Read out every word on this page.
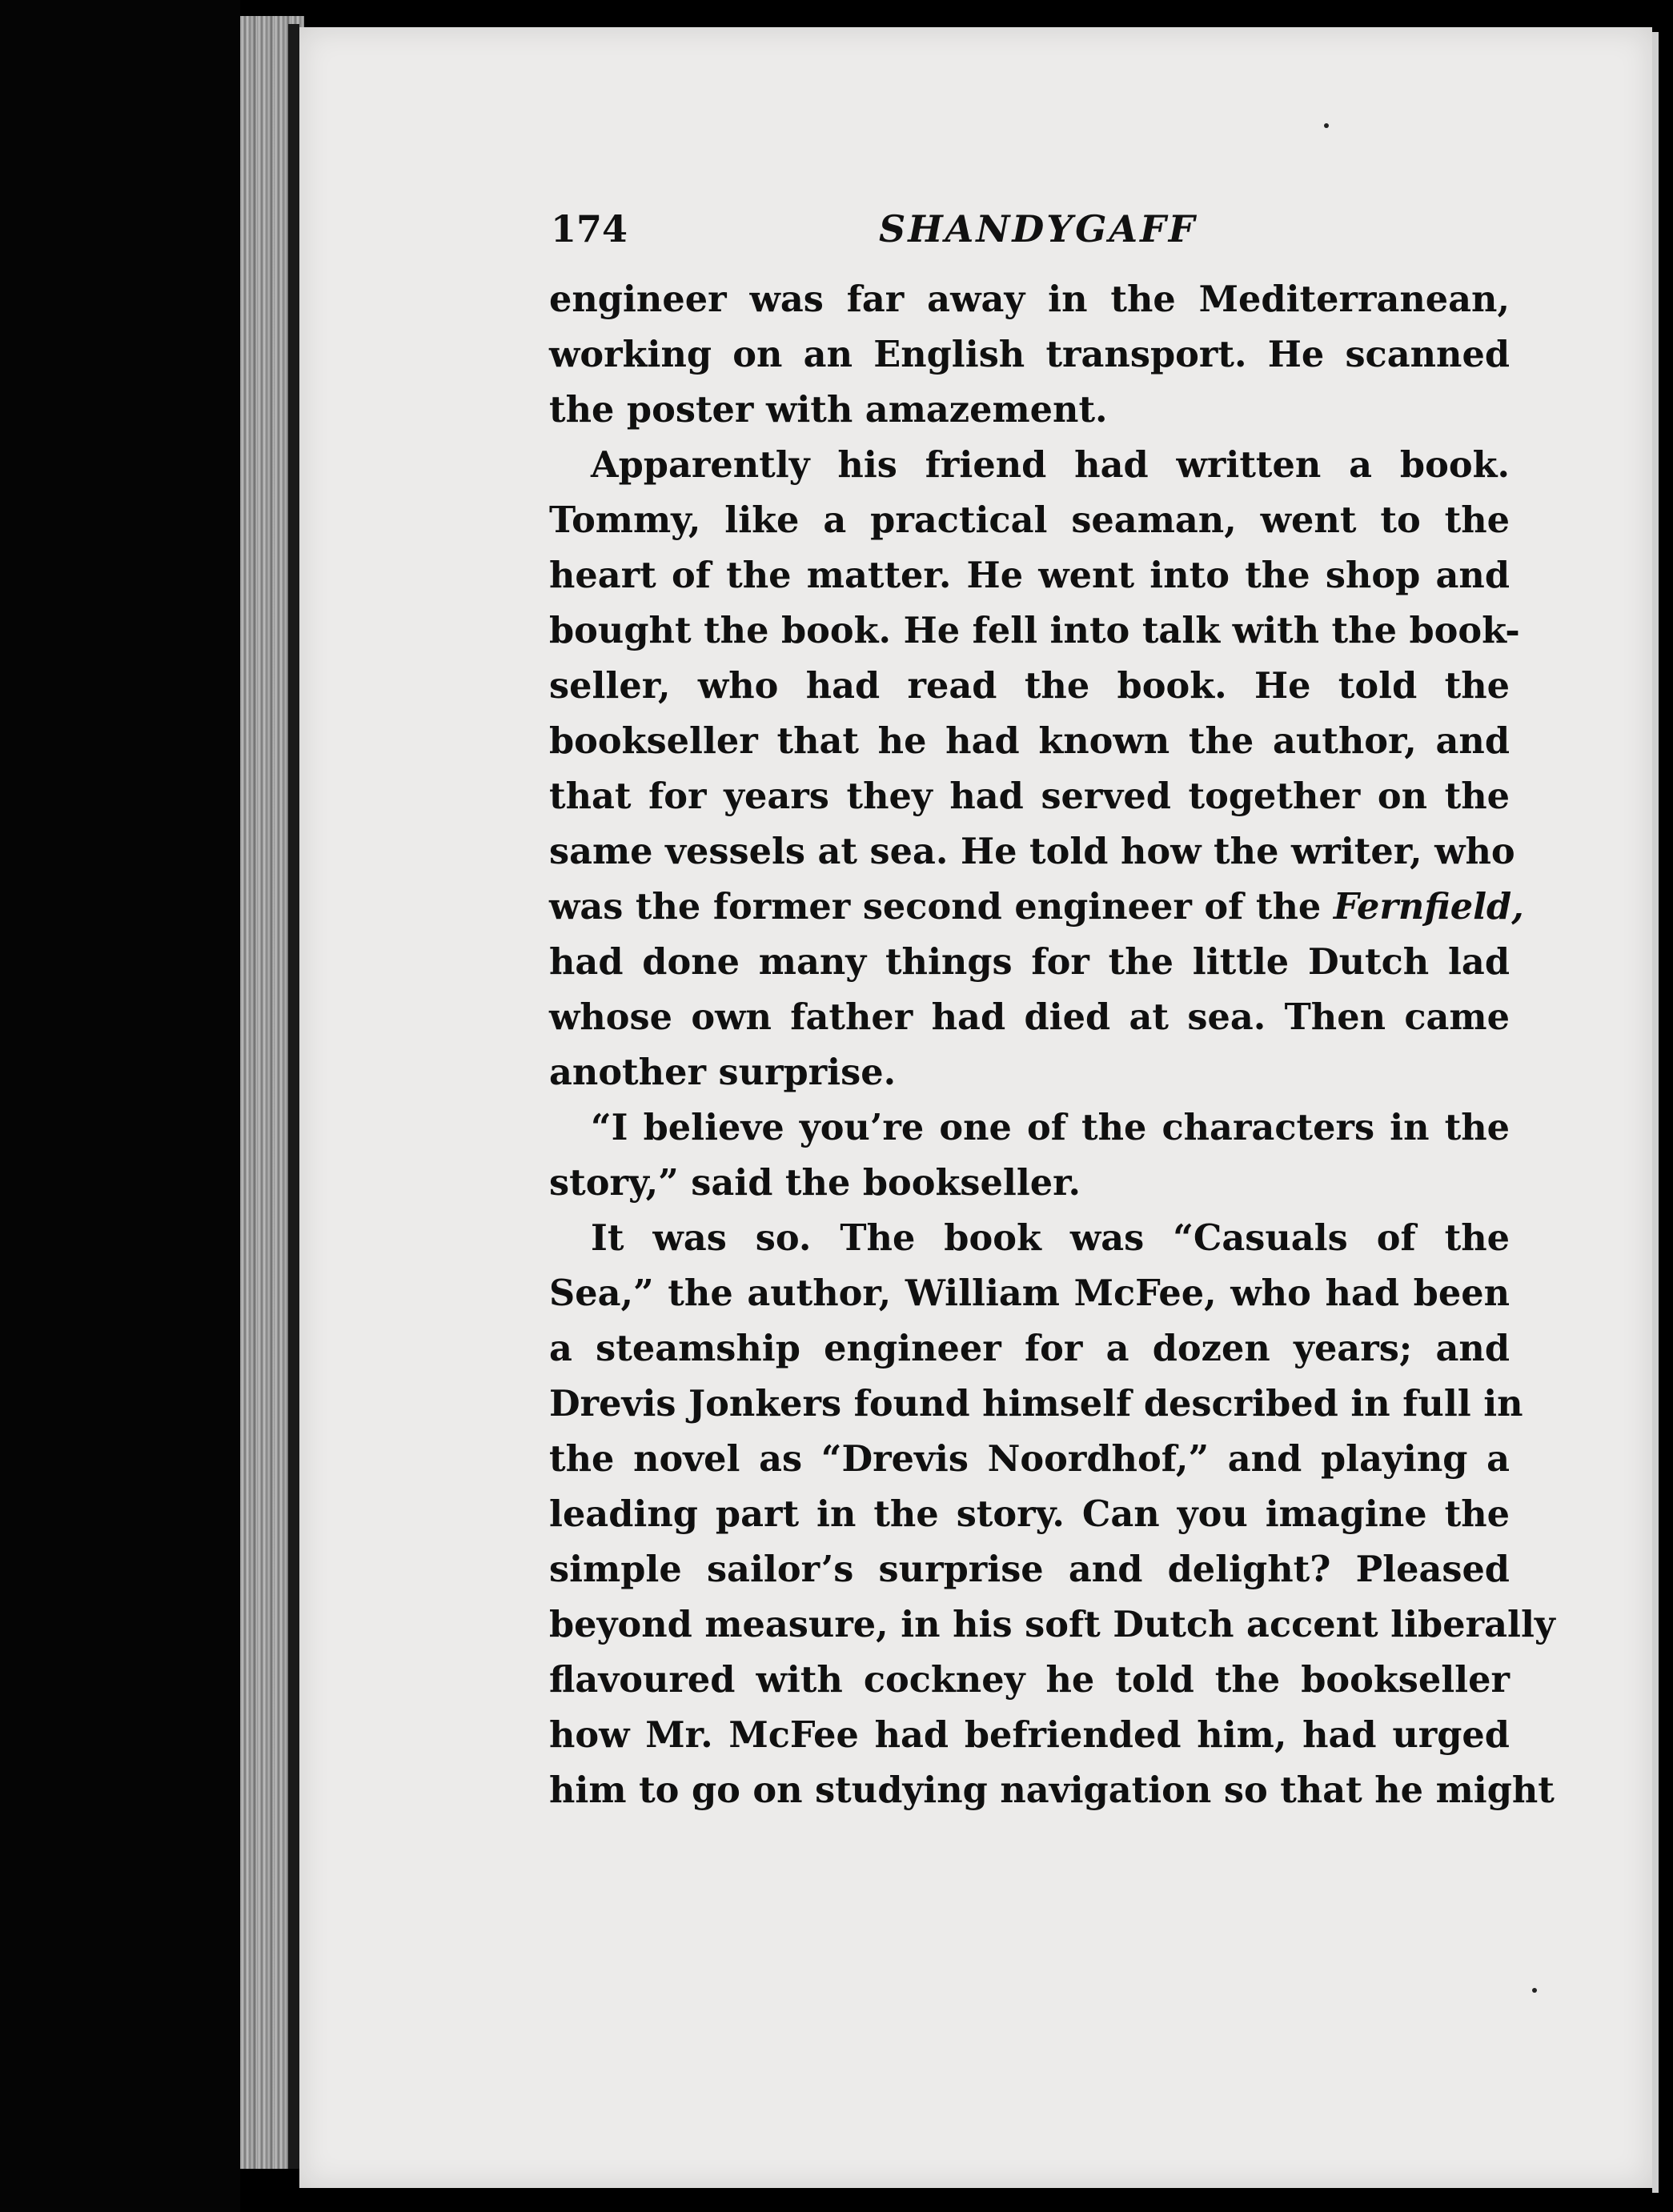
174	SHANDYGAFF
engineer was far away in the Mediterranean,
working on an English transport. He scanned
the poster with amazement.
Apparently his friend had written a book.
Tommy, like a practical seaman, went to the
heart of the matter. He went into the shop and
bought the book. He fell into talk with the book-
seller, who had read the book. He told the
bookseller that he had known the author, and
that for years they had served together on the
same vessels at sea. He told how the writer, who
was the former second engineer of the Fernfield,
had done many things for the little Dutch lad
whose own father had died at sea. Then came
another surprise.
“I believe you’re one of the characters in the
story,” said the bookseller.
It was so. The book was “Casuals of the
Sea,” the author, William McFee, who had been
a steamship engineer for a dozen years; and
Drevis Jonkers found himself described in full in
the novel as “Drevis Noordhof,” and playing a
leading part in the story. Can you imagine the
simple sailor’s surprise and delight? Pleased
beyond measure, in his soft Dutch accent liberally
flavoured with cockney he told the bookseller
how Mr. McFee had befriended him, had urged
him to go on studying navigation so that he might
